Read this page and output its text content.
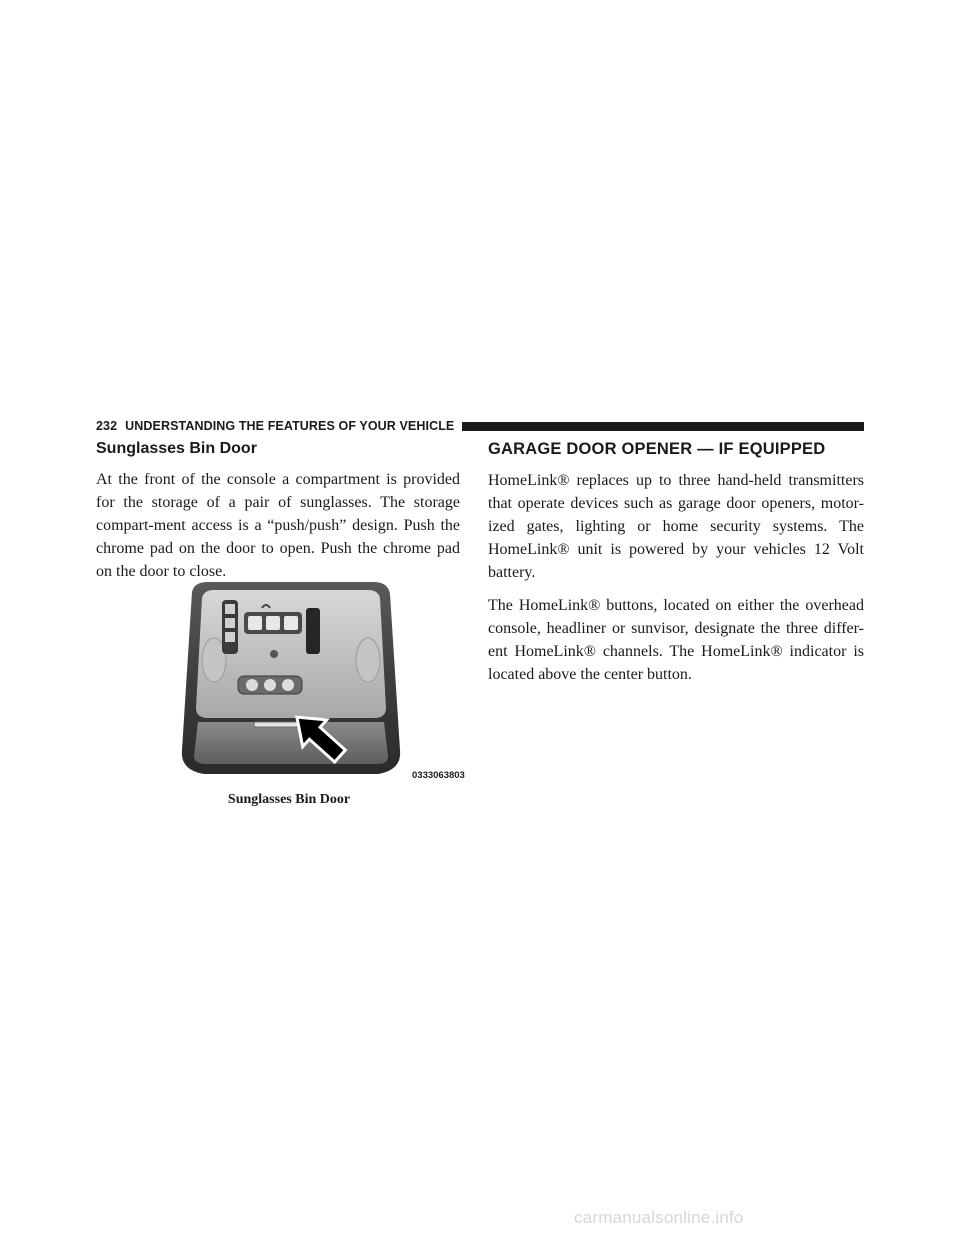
232 UNDERSTANDING THE FEATURES OF YOUR VEHICLE
Sunglasses Bin Door

At the front of the console a compartment is provided for the storage of a pair of sunglasses. The storage compart-ment access is a “push/push” design. Push the chrome pad on the door to open. Push the chrome pad on the door to close.

0333063803
Sunglasses Bin Door
GARAGE DOOR OPENER — IF EQUIPPED

HomeLink® replaces up to three hand-held transmitters that operate devices such as garage door openers, motor-ized gates, lighting or home security systems. The HomeLink® unit is powered by your vehicles 12 Volt battery.

The HomeLink® buttons, located on either the overhead console, headliner or sunvisor, designate the three differ-ent HomeLink® channels. The HomeLink® indicator is located above the center button.

carmanualsonline.info
